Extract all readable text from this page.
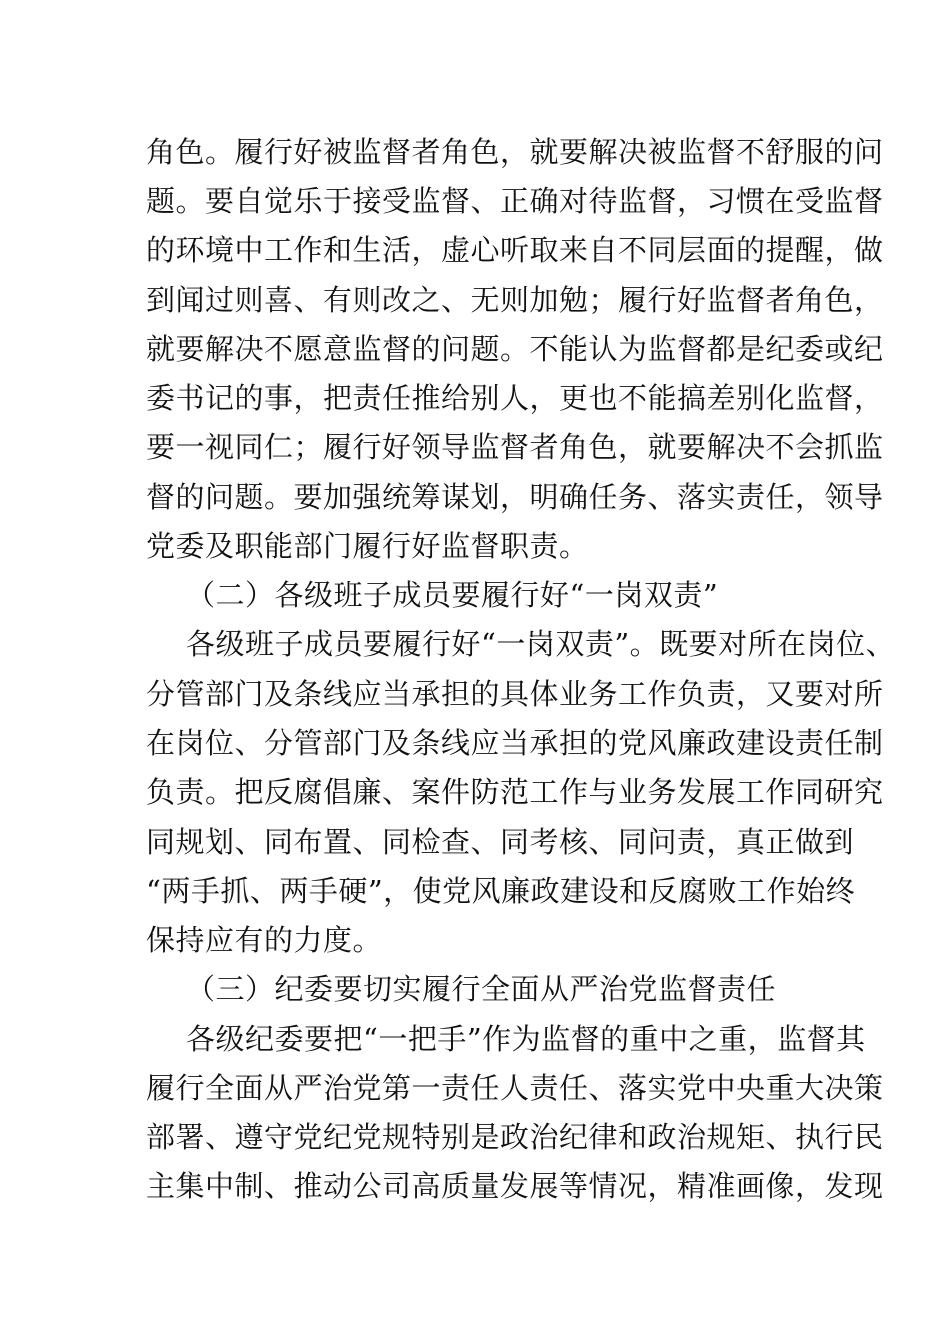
角色。履行好被监督者角色，就要解决被监督不舒服的问
题。要自觉乐于接受监督、正确对待监督，习惯在受监督
的环境中工作和生活，虚心听取来自不同层面的提醒，做
到闻过则喜、有则改之、无则加勉；履行好监督者角色，
就要解决不愿意监督的问题。不能认为监督都是纪委或纪
委书记的事，把责任推给别人，更也不能搞差别化监督，
要一视同仁；履行好领导监督者角色，就要解决不会抓监
督的问题。要加强统筹谋划，明确任务、落实责任，领导
党委及职能部门履行好监督职责。
（二）各级班子成员要履行好“一岗双责”
各级班子成员要履行好“一岗双责”。既要对所在岗位、
分管部门及条线应当承担的具体业务工作负责，又要对所
在岗位、分管部门及条线应当承担的党风廉政建设责任制
负责。把反腐倡廉、案件防范工作与业务发展工作同研究
同规划、同布置、同检查、同考核、同问责，真正做到
“两手抓、两手硬”，使党风廉政建设和反腐败工作始终
保持应有的力度。
（三）纪委要切实履行全面从严治党监督责任
各级纪委要把“一把手”作为监督的重中之重，监督其
履行全面从严治党第一责任人责任、落实党中央重大决策
部署、遵守党纪党规特别是政治纪律和政治规矩、执行民
主集中制、推动公司高质量发展等情况，精准画像，发现
